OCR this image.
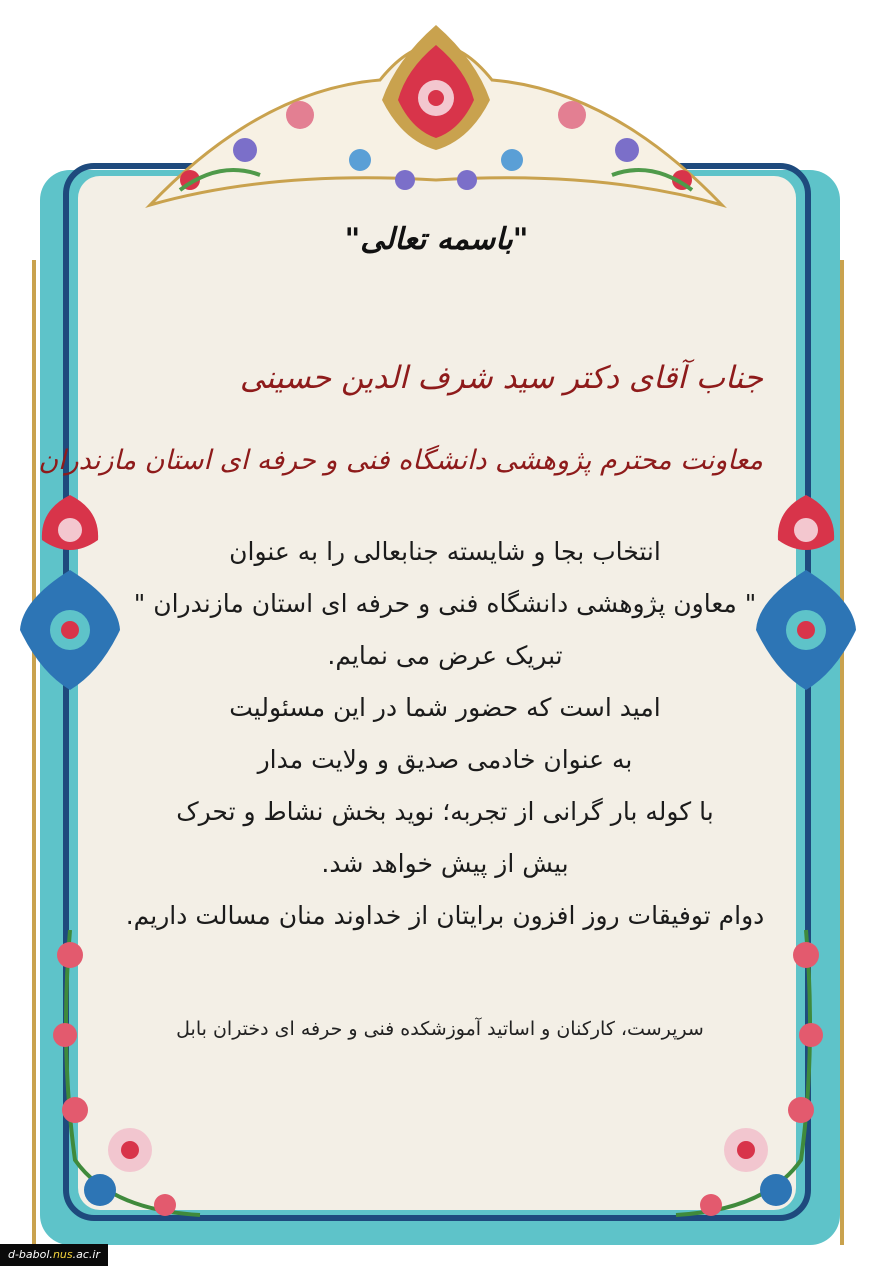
"باسمه تعالی"
جناب آقای دکتر سید شرف الدین حسینی
معاونت محترم پژوهشی دانشگاه فنی و حرفه ای استان مازندران
انتخاب بجا و شایسته جنابعالی را به عنوان
" معاون پژوهشی دانشگاه فنی و حرفه ای استان مازندران "
تبریک عرض می نمایم.
امید است که حضور شما در این مسئولیت
به عنوان خادمی صدیق و ولایت مدار
با کوله بار گرانی از تجربه؛ نوید بخش نشاط و تحرک
بیش از پیش خواهد شد.
دوام توفیقات روز افزون برایتان از خداوند منان مسالت داریم.
سرپرست، کارکنان و اساتید آموزشکده فنی و حرفه ای دختران بابل
d-babol.nus.ac.ir
